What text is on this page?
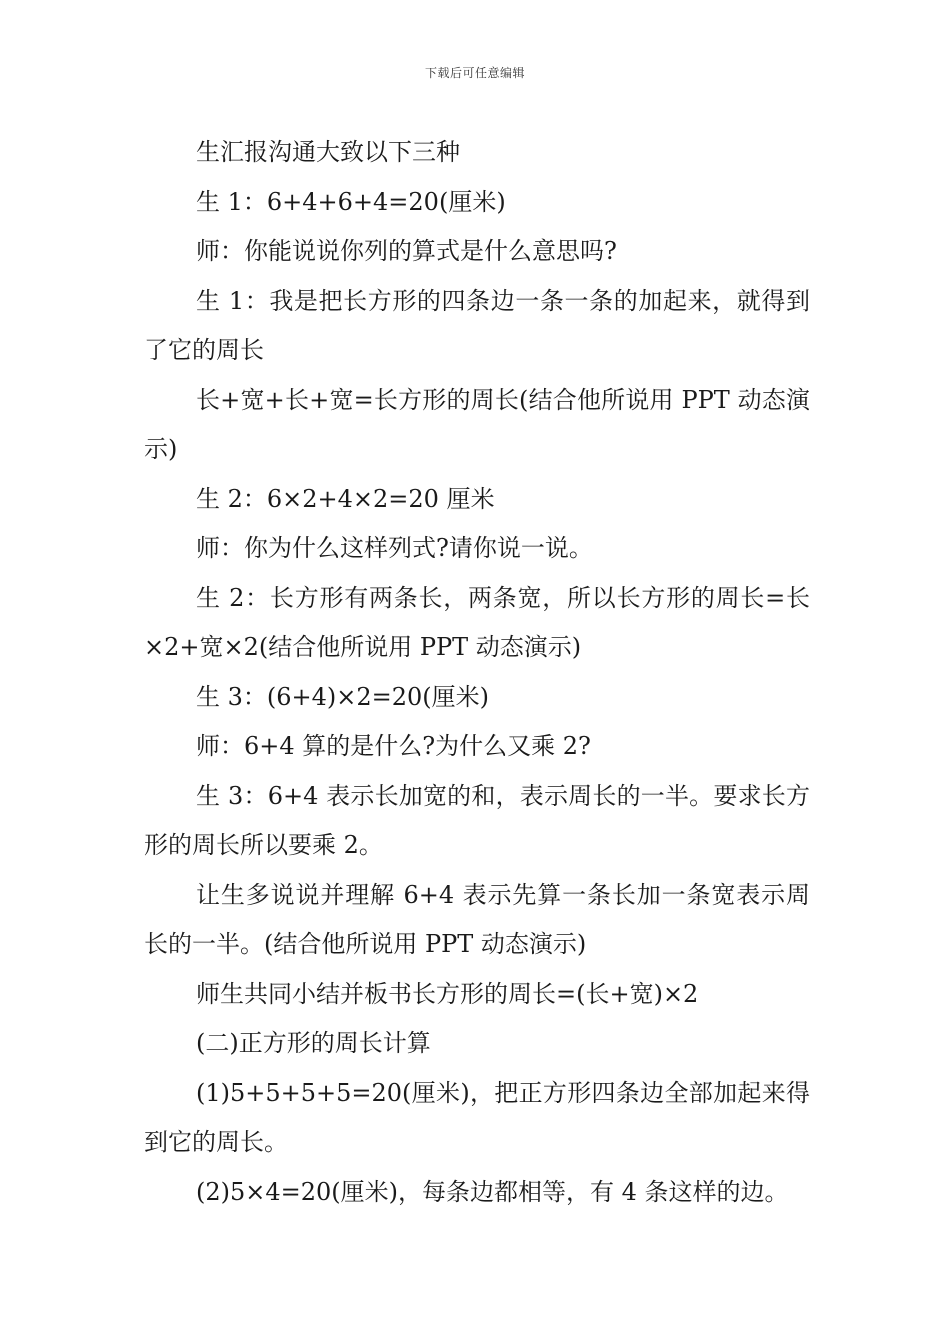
下载后可任意编辑

生汇报沟通大致以下三种

生 1：6+4+6+4=20(厘米)

师：你能说说你列的算式是什么意思吗?

生 1：我是把长方形的四条边一条一条的加起来，就得到了它的周长

长+宽+长+宽=长方形的周长(结合他所说用 PPT 动态演示)

生 2：6×2+4×2=20 厘米

师：你为什么这样列式?请你说一说。

生 2：长方形有两条长，两条宽，所以长方形的周长=长×2+宽×2(结合他所说用 PPT 动态演示)

生 3：(6+4)×2=20(厘米)

师：6+4 算的是什么?为什么又乘 2?

生 3：6+4 表示长加宽的和，表示周长的一半。要求长方形的周长所以要乘 2。

让生多说说并理解 6+4 表示先算一条长加一条宽表示周长的一半。(结合他所说用 PPT 动态演示)

师生共同小结并板书长方形的周长=(长+宽)×2

(二)正方形的周长计算

(1)5+5+5+5=20(厘米)，把正方形四条边全部加起来得到它的周长。

(2)5×4=20(厘米)，每条边都相等，有 4 条这样的边。
